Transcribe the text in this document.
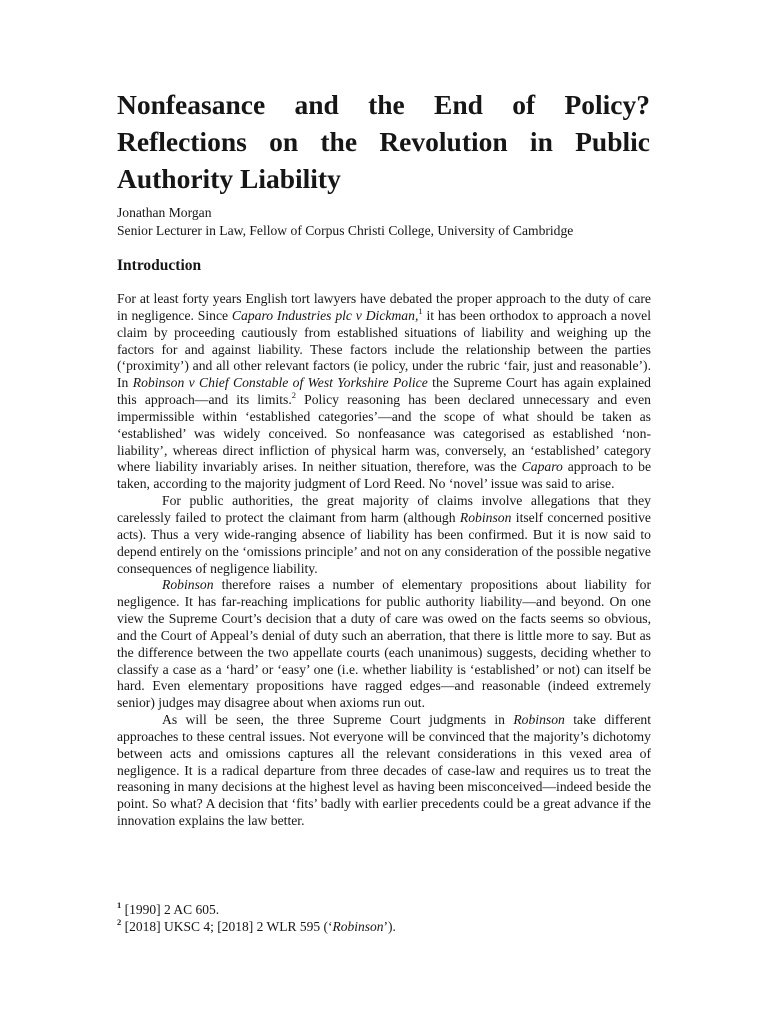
Nonfeasance and the End of Policy? Reflections on the Revolution in Public Authority Liability
Jonathan Morgan
Senior Lecturer in Law, Fellow of Corpus Christi College, University of Cambridge
Introduction

For at least forty years English tort lawyers have debated the proper approach to the duty of care in negligence. Since Caparo Industries plc v Dickman,$^1$ it has been orthodox to approach a novel claim by proceeding cautiously from established situations of liability and weighing up the factors for and against liability. These factors include the relationship between the parties (‘proximity’) and all other relevant factors (ie policy, under the rubric ‘fair, just and reasonable’). In Robinson v Chief Constable of West Yorkshire Police the Supreme Court has again explained this approach—and its limits.$^2$ Policy reasoning has been declared unnecessary and even impermissible within ‘established categories’—and the scope of what should be taken as ‘established’ was widely conceived. So nonfeasance was categorised as established ‘non-liability’, whereas direct infliction of physical harm was, conversely, an ‘established’ category where liability invariably arises. In neither situation, therefore, was the Caparo approach to be taken, according to the majority judgment of Lord Reed. No ‘novel’ issue was said to arise.

For public authorities, the great majority of claims involve allegations that they carelessly failed to protect the claimant from harm (although Robinson itself concerned positive acts). Thus a very wide-ranging absence of liability has been confirmed. But it is now said to depend entirely on the ‘omissions principle’ and not on any consideration of the possible negative consequences of negligence liability.

Robinson therefore raises a number of elementary propositions about liability for negligence. It has far-reaching implications for public authority liability—and beyond. On one view the Supreme Court’s decision that a duty of care was owed on the facts seems so obvious, and the Court of Appeal’s denial of duty such an aberration, that there is little more to say. But as the difference between the two appellate courts (each unanimous) suggests, deciding whether to classify a case as a ‘hard’ or ‘easy’ one (i.e. whether liability is ‘established’ or not) can itself be hard. Even elementary propositions have ragged edges—and reasonable (indeed extremely senior) judges may disagree about when axioms run out.

As will be seen, the three Supreme Court judgments in Robinson take different approaches to these central issues. Not everyone will be convinced that the majority’s dichotomy between acts and omissions captures all the relevant considerations in this vexed area of negligence. It is a radical departure from three decades of case-law and requires us to treat the reasoning in many decisions at the highest level as having been misconceived—indeed beside the point. So what? A decision that ‘fits’ badly with earlier precedents could be a great advance if the innovation explains the law better.

$^1$ [1990] 2 AC 605.
$^2$ [2018] UKSC 4; [2018] 2 WLR 595 (‘Robinson’).
